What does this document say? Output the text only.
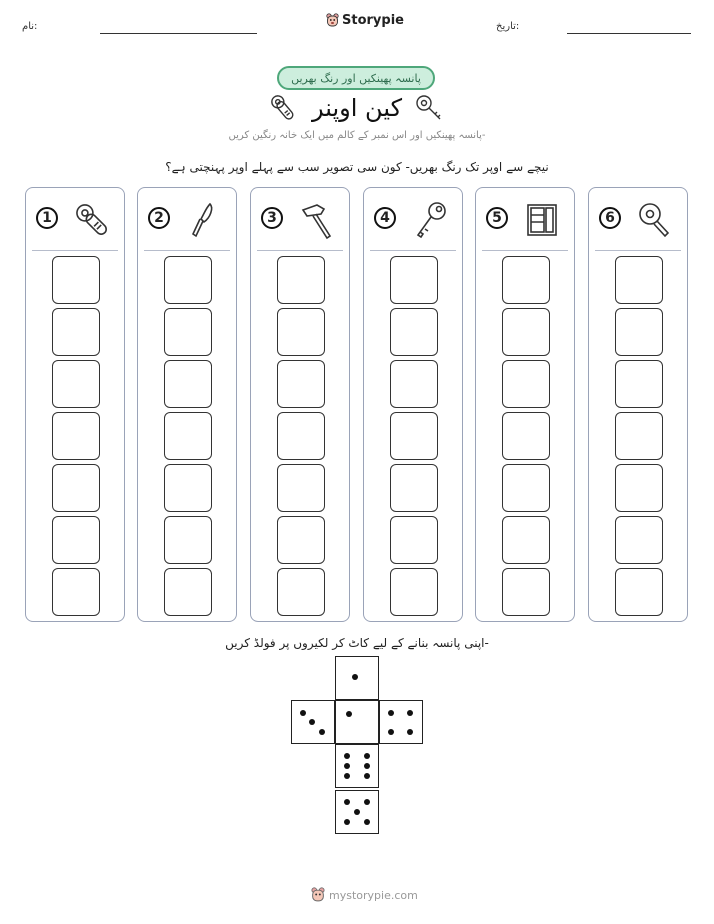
نام:	Storypie	تاریخ:
پانسہ پھینکیں اور رنگ بھریں
کین اوپنر
پانسہ پھینکیں اور اس نمبر کے کالم میں ایک خانہ رنگین کریں-
نیچے سے اوپر تک رنگ بھریں- کون سی تصویر سب سے پہلے اوپر پہنچتی ہے؟
1	2	3	4	5	6
اپنی پانسہ بنانے کے لیے کاٹ کر لکیروں پر فولڈ کریں-
mystorypie.com
